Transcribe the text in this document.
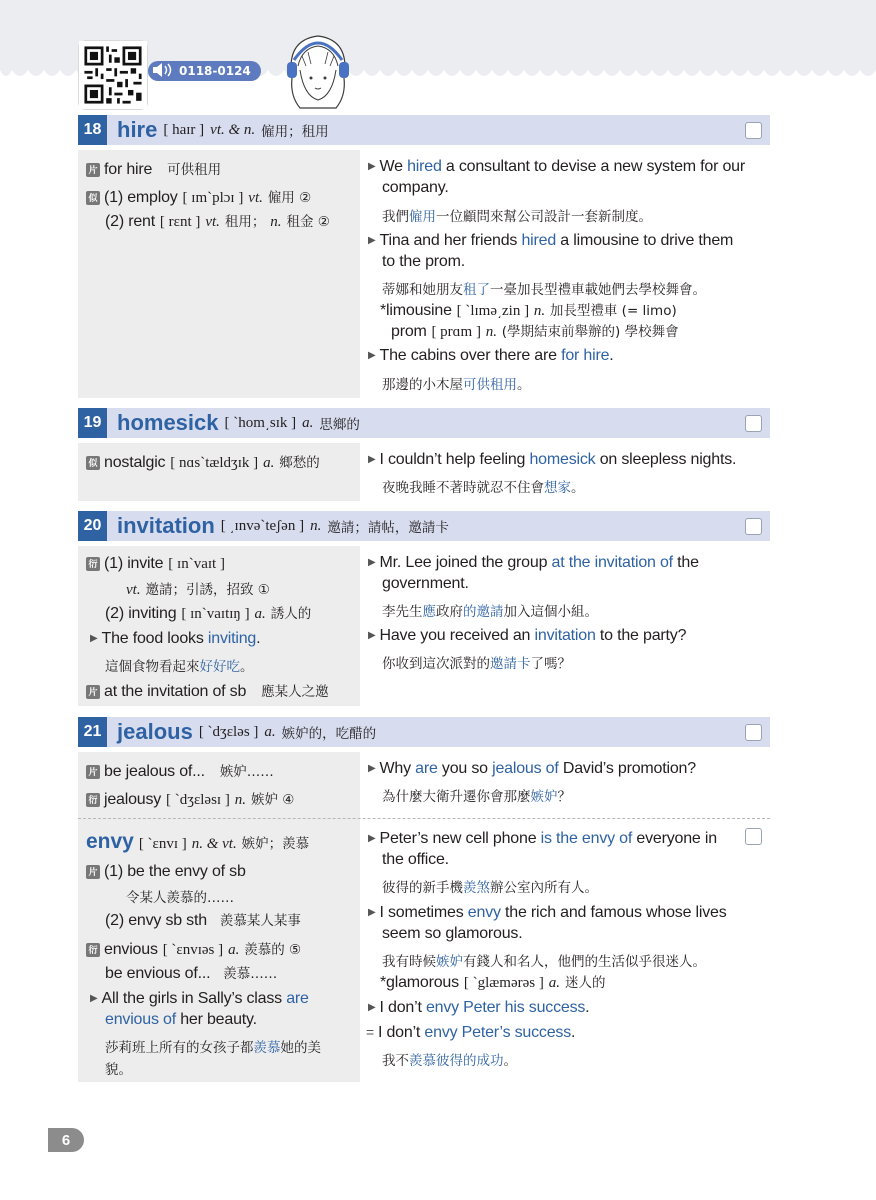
0118-0124
18 hire [ haɪr ] vt. & n. 僱用；租用
片 for hire 可供租用
似 (1) employ [ ɪmˋplɔɪ ] vt. 僱用 ②
(2) rent [ rɛnt ] vt. 租用； n. 租金 ②
▶ We hired a consultant to devise a new system for our
company.
我們僱用一位顧問來幫公司設計一套新制度。
▶ Tina and her friends hired a limousine to drive them
to the prom.
蒂娜和她朋友租了一臺加長型禮車載她們去學校舞會。
*limousine [ ˋlɪmə͵zin ] n. 加長型禮車 (= limo)
prom [ prɑm ] n. (學期結束前舉辦的) 學校舞會
▶ The cabins over there are for hire.
那邊的小木屋可供租用。
19 homesick [ ˋhom͵sɪk ] a. 思鄉的
似 nostalgic [ nɑsˋtældʒɪk ] a. 鄉愁的	▶ I couldn’t help feeling homesick on sleepless nights.
夜晚我睡不著時就忍不住會想家。
20 invitation [ ͵ɪnvəˋteʃən ] n. 邀請；請帖，邀請卡
衍 (1) invite [ ɪnˋvaɪt ]
vt. 邀請；引誘，招致 ①
(2) inviting [ ɪnˋvaɪtɪŋ ] a. 誘人的
▶ The food looks inviting.
這個食物看起來好好吃。
片 at the invitation of sb 應某人之邀
▶ Mr. Lee joined the group at the invitation of the
government.
李先生應政府的邀請加入這個小組。
▶ Have you received an invitation to the party?
你收到這次派對的邀請卡了嗎？
21 jealous [ ˋdʒɛləs ] a. 嫉妒的，吃醋的
片 be jealous of... 嫉妒……
衍 jealousy [ ˋdʒɛləsɪ ] n. 嫉妒 ④
envy [ ˋɛnvɪ ] n. & vt. 嫉妒；羨慕
片 (1) be the envy of sb
令某人羨慕的……
(2) envy sb sth 羨慕某人某事
衍 envious [ ˋɛnvɪəs ] a. 羨慕的 ⑤
be envious of... 羨慕……
▶ All the girls in Sally’s class are
envious of her beauty.
莎莉班上所有的女孩子都羨慕她的美
貌。
▶ Why are you so jealous of David’s promotion?
為什麼大衛升遷你會那麼嫉妒？
▶ Peter’s new cell phone is the envy of everyone in
the office.
彼得的新手機羨煞辦公室內所有人。
▶ I sometimes envy the rich and famous whose lives
seem so glamorous.
我有時候嫉妒有錢人和名人，他們的生活似乎很迷人。
*glamorous [ ˋglæmərəs ] a. 迷人的
▶ I don’t envy Peter his success.
= I don’t envy Peter’s success.
我不羨慕彼得的成功。
6
